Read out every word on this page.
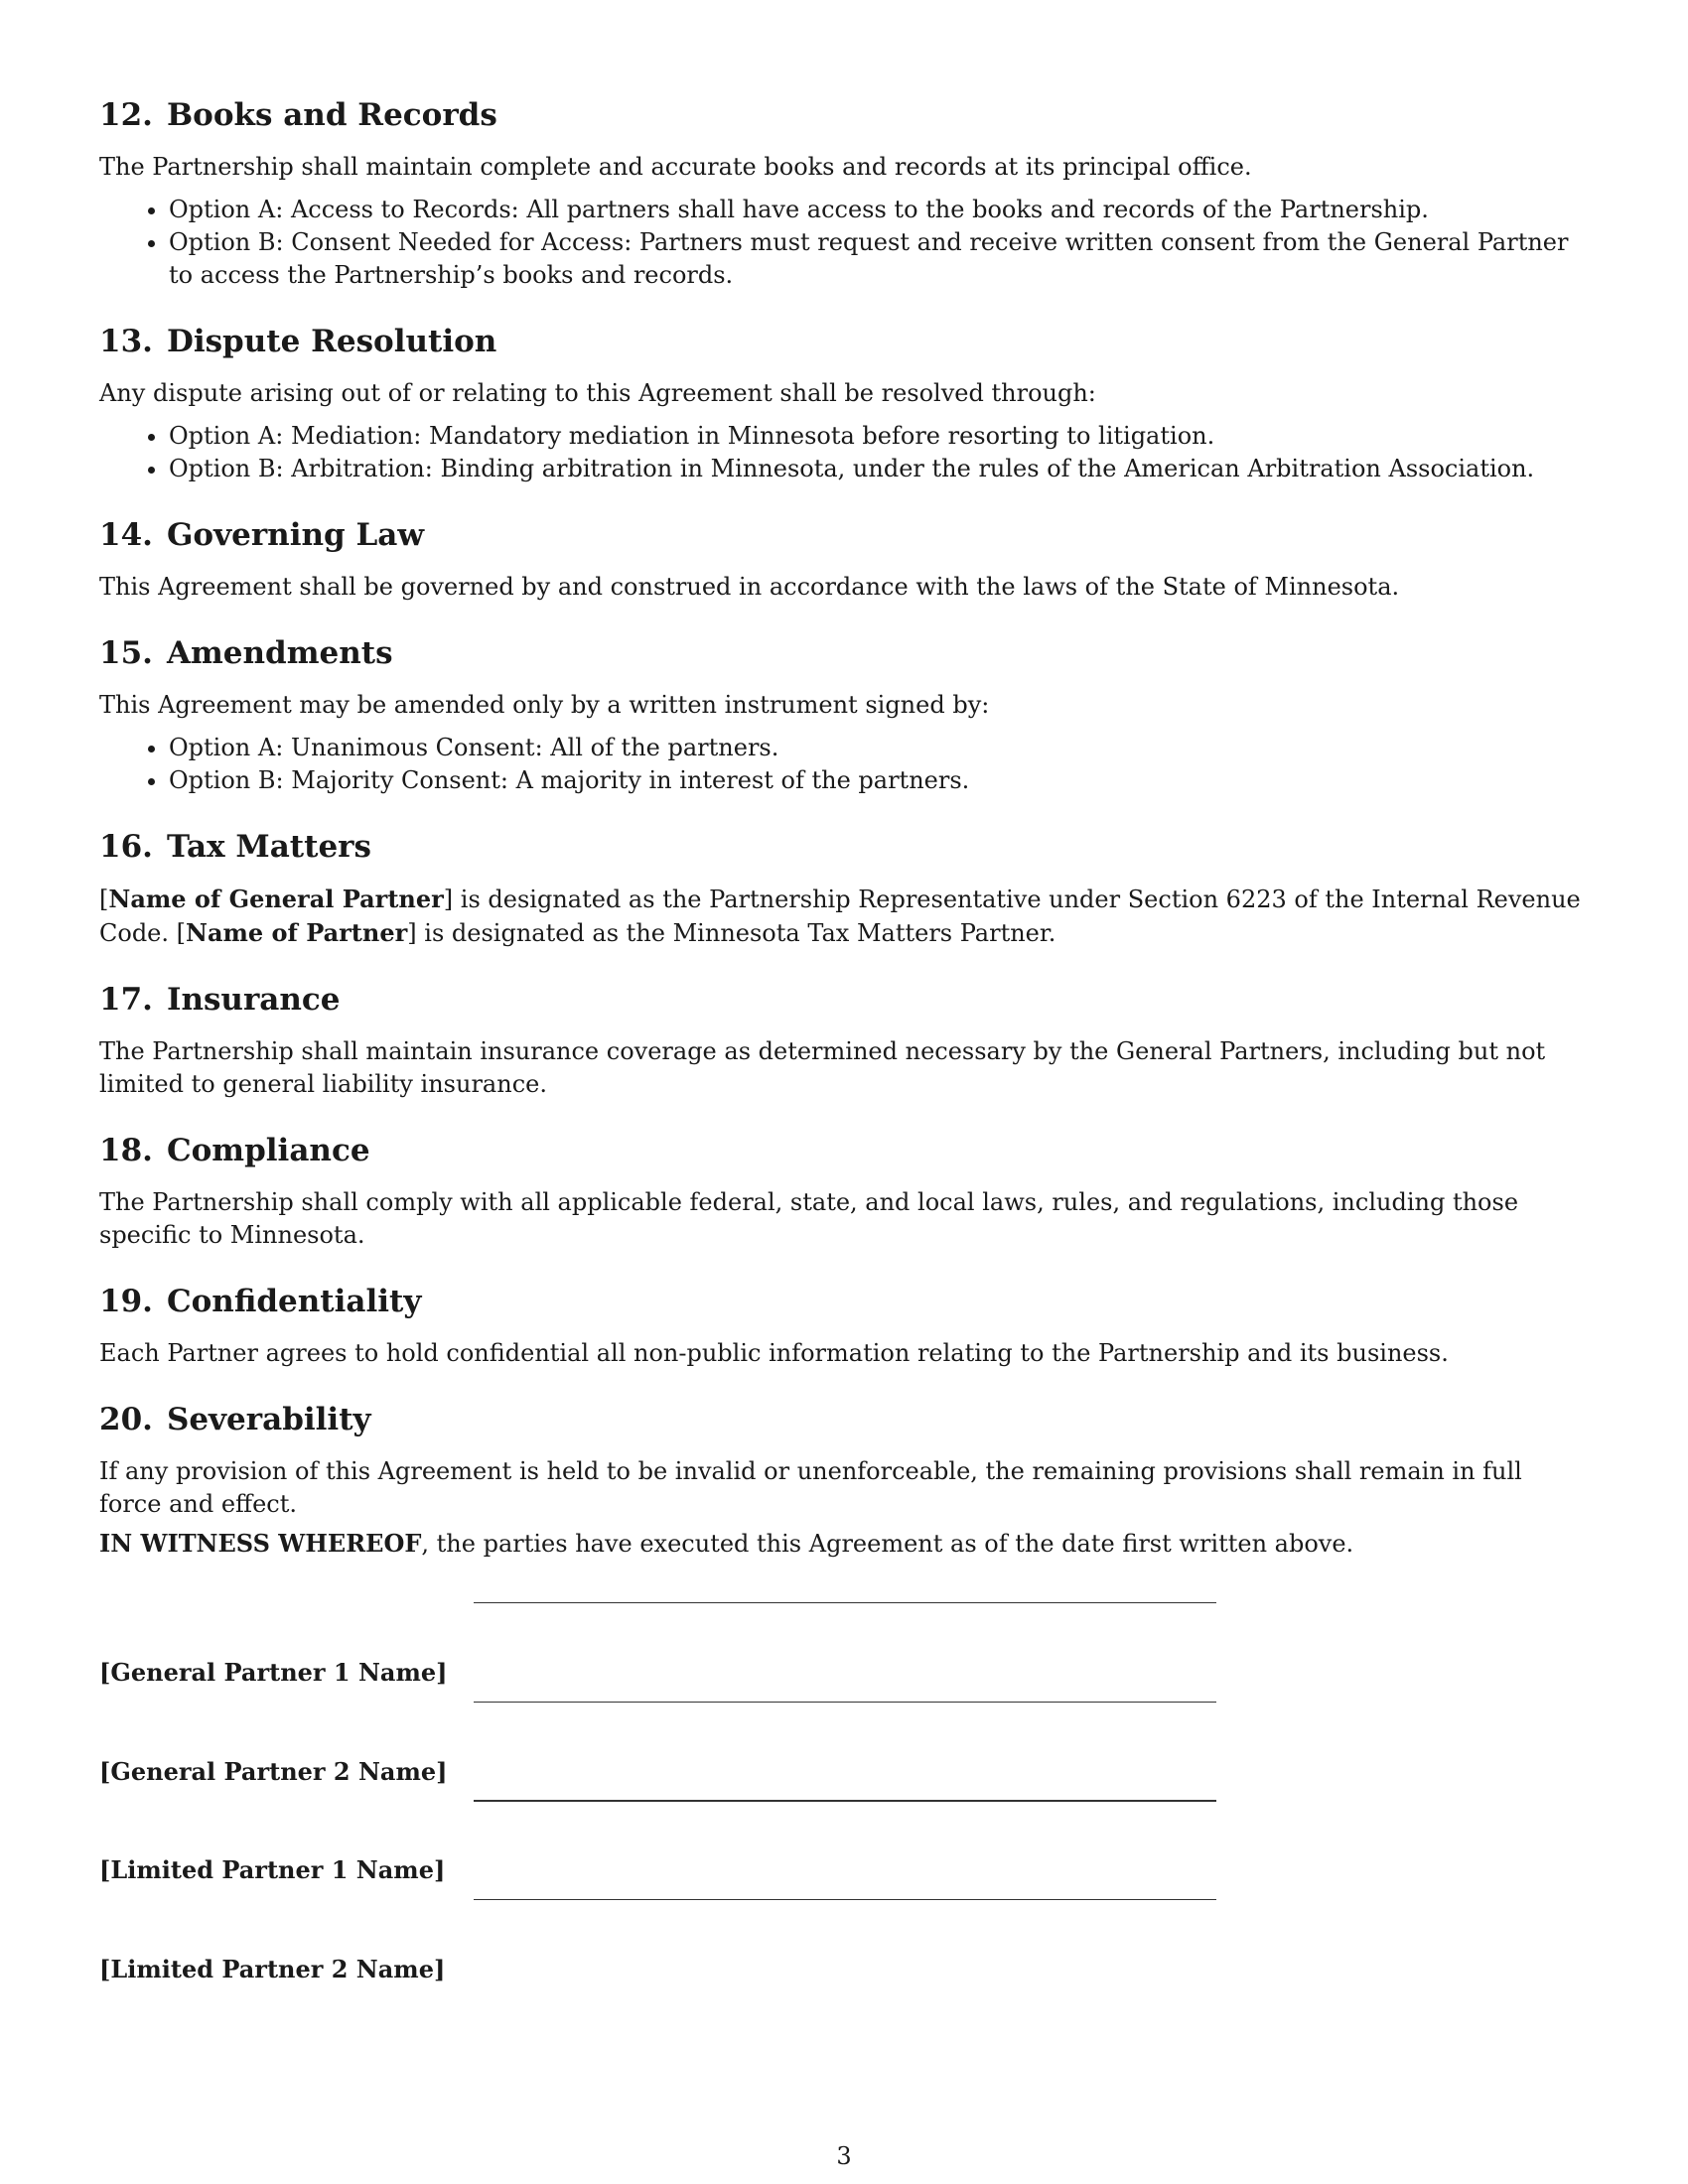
12. Books and Records

The Partnership shall maintain complete and accurate books and records at its principal office.

• Option A: Access to Records: All partners shall have access to the books and records of the Partnership.
• Option B: Consent Needed for Access: Partners must request and receive written consent from the General Partner to access the Partnership’s books and records.
13. Dispute Resolution

Any dispute arising out of or relating to this Agreement shall be resolved through:

• Option A: Mediation: Mandatory mediation in Minnesota before resorting to litigation.
• Option B: Arbitration: Binding arbitration in Minnesota, under the rules of the American Arbitration Association.
14. Governing Law

This Agreement shall be governed by and construed in accordance with the laws of the State of Minnesota.

15. Amendments

This Agreement may be amended only by a written instrument signed by:

• Option A: Unanimous Consent: All of the partners.
• Option B: Majority Consent: A majority in interest of the partners.
16. Tax Matters

[Name of General Partner] is designated as the Partnership Representative under Section 6223 of the Internal Revenue Code. [Name of Partner] is designated as the Minnesota Tax Matters Partner.

17. Insurance

The Partnership shall maintain insurance coverage as determined necessary by the General Partners, including but not limited to general liability insurance.

18. Compliance

The Partnership shall comply with all applicable federal, state, and local laws, rules, and regulations, including those specific to Minnesota.

19. Confidentiality

Each Partner agrees to hold confidential all non-public information relating to the Partnership and its business.

20. Severability

If any provision of this Agreement is held to be invalid or unenforceable, the remaining provisions shall remain in full force and effect.

IN WITNESS WHEREOF, the parties have executed this Agreement as of the date first written above.

[General Partner 1 Name]
[General Partner 2 Name]
[Limited Partner 1 Name]
[Limited Partner 2 Name]
3
